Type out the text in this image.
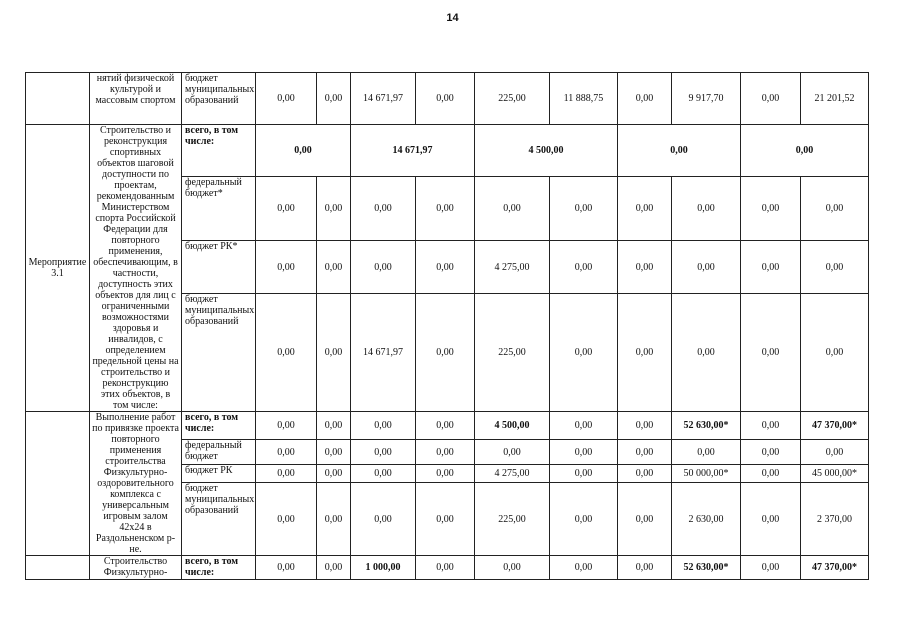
14
	нятий физической культурой и массовым спортом	бюджет муниципальных образований	0,00	0,00	14 671,97	0,00	225,00	11 888,75	0,00	9 917,70	0,00	21 201,52
Мероприятие 3.1	Строительство и реконструкция спортивных объектов шаговой доступности по проектам, рекомендованным Министерством спорта Российской Федерации для повторного применения, обеспечивающим, в частности, доступность этих объектов для лиц с ограниченными возможностями здоровья и инвалидов, с определением предельной цены на строительство и реконструкцию этих объектов, в том числе:	всего, в том числе:	0,00		14 671,97		4 500,00		0,00		0,00	
		федеральный бюджет*	0,00	0,00	0,00	0,00	0,00	0,00	0,00	0,00	0,00	0,00
		бюджет РК*	0,00	0,00	0,00	0,00	4 275,00	0,00	0,00	0,00	0,00	0,00
		бюджет муниципальных образований	0,00	0,00	14 671,97	0,00	225,00	0,00	0,00	0,00	0,00	0,00
	Выполнение работ по привязке проекта повторного применения строительства Физкультурно-оздоровительного комплекса с универсальным игровым залом 42х24 в Раздольненском р-не.	всего, в том числе:	0,00	0,00	0,00	0,00	4 500,00	0,00	0,00	52 630,00*	0,00	47 370,00*
		федеральный бюджет	0,00	0,00	0,00	0,00	0,00	0,00	0,00	0,00	0,00	0,00
		бюджет РК	0,00	0,00	0,00	0,00	4 275,00	0,00	0,00	50 000,00*	0,00	45 000,00*
		бюджет муниципальных образований	0,00	0,00	0,00	0,00	225,00	0,00	0,00	2 630,00	0,00	2 370,00
	Строительство Физкультурно-	всего, в том числе:	0,00	0,00	1 000,00	0,00	0,00	0,00	0,00	52 630,00*	0,00	47 370,00*
